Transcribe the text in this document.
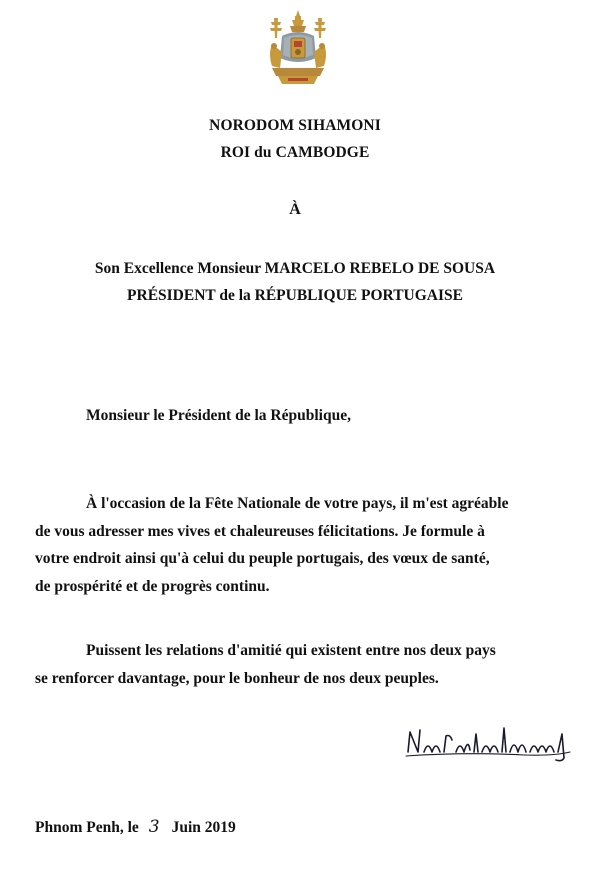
NORODOM SIHAMONI
ROI du CAMBODGE
À
Son Excellence Monsieur MARCELO REBELO DE SOUSA
PRÉSIDENT de la RÉPUBLIQUE PORTUGAISE
Monsieur le Président de la République,
À l'occasion de la Fête Nationale de votre pays, il m'est agréable
de vous adresser mes vives et chaleureuses félicitations. Je formule à
votre endroit ainsi qu'à celui du peuple portugais, des vœux de santé,
de prospérité et de progrès continu.
Puissent les relations d'amitié qui existent entre nos deux pays
se renforcer davantage, pour le bonheur de nos deux peuples.
Phnom Penh, le 3 Juin 2019
